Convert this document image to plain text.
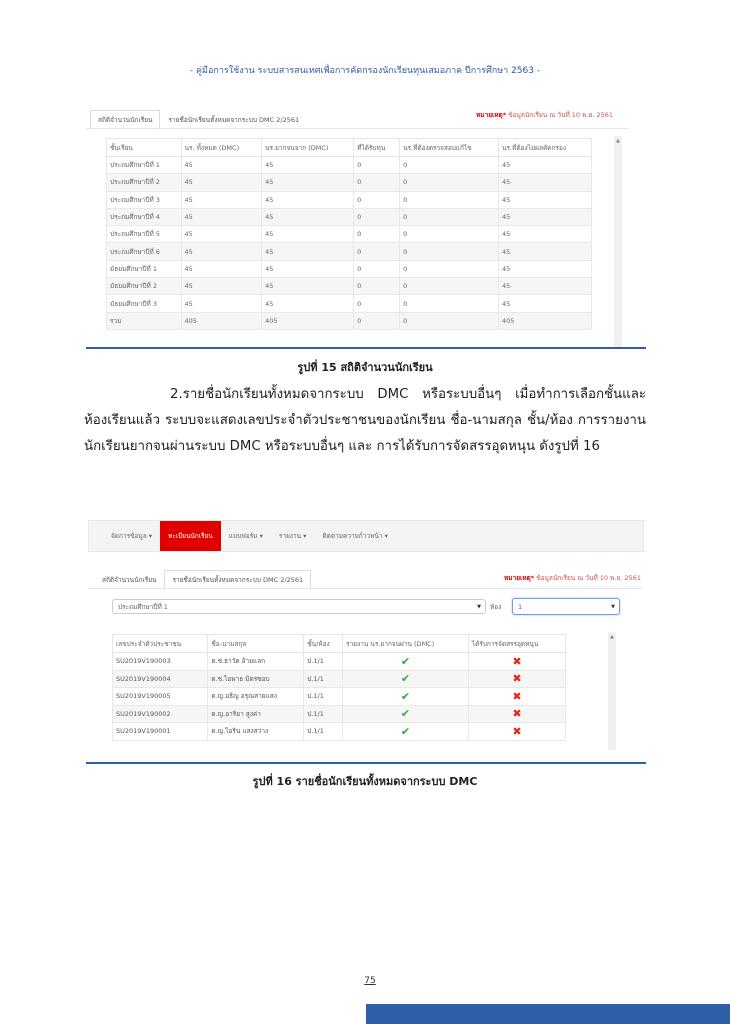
- คู่มือการใช้งาน ระบบสารสนเทศเพื่อการคัดกรองนักเรียนทุนเสมอภาค ปีการศึกษา 2563 -
สถิติจำนวนนักเรียน	รายชื่อนักเรียนทั้งหมดจากระบบ DMC 2/2561
หมายเหตุ* ข้อมูลนักเรียน ณ วันที่ 10 พ.ย. 2561
ชั้นเรียน	นร. ทั้งหมด (DMC)	นร.ยากจนจาก (DMC)	ที่ได้รับทุน	นร.ที่ต้องตรวจสอบแก้ไข	นร.ที่ต้องไม่ผลคัดกรอง
ประถมศึกษาปีที่ 1	45	45	0	0	45
ประถมศึกษาปีที่ 2	45	45	0	0	45
ประถมศึกษาปีที่ 3	45	45	0	0	45
ประถมศึกษาปีที่ 4	45	45	0	0	45
ประถมศึกษาปีที่ 5	45	45	0	0	45
ประถมศึกษาปีที่ 6	45	45	0	0	45
มัธยมศึกษาปีที่ 1	45	45	0	0	45
มัธยมศึกษาปีที่ 2	45	45	0	0	45
มัธยมศึกษาปีที่ 3	45	45	0	0	45
รวม	405	405	0	0	405
▲
รูปที่ 15 สถิติจำนวนนักเรียน
2.รายชื่อนักเรียนทั้งหมดจากระบบ DMC หรือระบบอื่นๆ เมื่อทำการเลือกชั้นและห้องเรียนแล้ว ระบบจะแสดงเลขประจำตัวประชาชนของนักเรียน ชื่อ-นามสกุล ชั้น/ห้อง การรายงานนักเรียนยากจนผ่านระบบ DMC หรือระบบอื่นๆ และ การได้รับการจัดสรรอุดหนุน ดังรูปที่ 16
จัดการข้อมูล ▾	ทะเบียนนักเรียน	แบบฟอร์ม ▾	รายงาน ▾	ติดตามความก้าวหน้า ▾
สถิติจำนวนนักเรียน	รายชื่อนักเรียนทั้งหมดจากระบบ DMC 2/2561	หมายเหตุ* ข้อมูลนักเรียน ณ วันที่ 10 พ.ย. 2561
ประถมศึกษาปีที่ 1	▼ ห้อง	1	▼
เลขประจำตัวประชาชน	ชื่อ-นามสกุล	ชั้น/ห้อง	รายงาน นร.ยากจนผ่าน (DMC)	ได้รับการจัดสรรอุดหนุน
SU2019V190003	ด.ช.ธาวัต อ้ายแลก	ป.1/1	✔	✖
SU2019V190004	ด.ช.ไอพาธ มิตรซอบ	ป.1/1	✔	✖
SU2019V190005	ด.ญ.อธิญ อรุณสายแสง	ป.1/1	✔	✖
SU2019V190002	ด.ญ.อาริยา สูงค่า	ป.1/1	✔	✖
SU2019V190001	ด.ญ.ไอริน แสงสว่าง	ป.1/1	✔	✖
▲
รูปที่ 16 รายชื่อนักเรียนทั้งหมดจากระบบ DMC
75
